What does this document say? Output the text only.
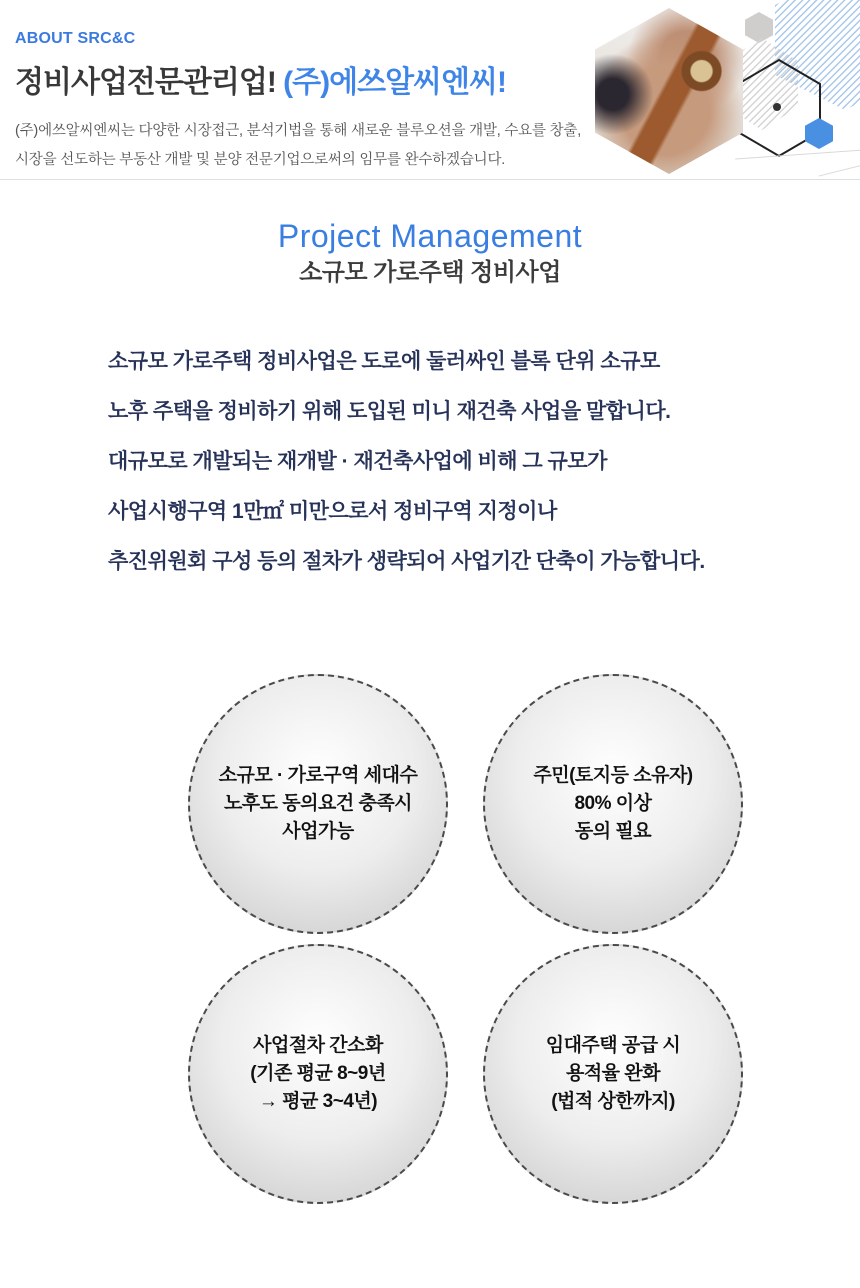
ABOUT SRC&C
정비사업전문관리업! (주)에쓰알씨엔씨!
(주)에쓰알씨엔씨는 다양한 시장접근, 분석기법을 통해 새로운 블루오션을 개발, 수요를 창출,
시장을 선도하는 부동산 개발 및 분양 전문기업으로써의 임무를 완수하겠습니다.
Project Management
소규모 가로주택 정비사업

소규모 가로주택 정비사업은 도로에 둘러싸인 블록 단위 소규모

노후 주택을 정비하기 위해 도입된 미니 재건축 사업을 말합니다.

대규모로 개발되는 재개발 · 재건축사업에 비해 그 규모가

사업시행구역 1만㎡ 미만으로서 정비구역 지정이나

추진위원회 구성 등의 절차가 생략되어 사업기간 단축이 가능합니다.

소규모 · 가로구역 세대수

노후도 동의요건 충족시

사업가능

주민(토지등 소유자)

80% 이상

동의 필요

사업절차 간소화

(기존 평균 8~9년

→ 평균 3~4년)

임대주택 공급 시

용적율 완화

(법적 상한까지)
